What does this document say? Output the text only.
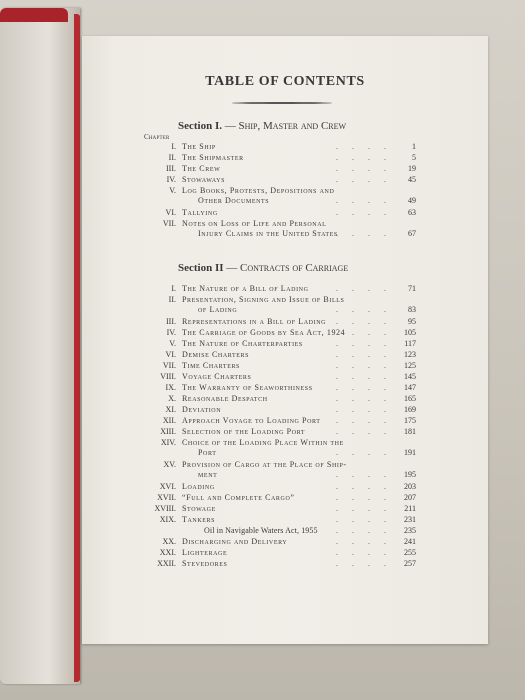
TABLE OF CONTENTS
Chapter
Section I. — Ship, Master and Crew
I. The Ship	. . . .	1
II. The Shipmaster	. . . .	5
III. The Crew	. . . . 19
IV. Stowaways	. . . . 45
V. Log Books, Protests, Depositions and
Other Documents	. . . . 49
VI. Tallying	. . . . 63
VII. Notes on Loss of Life and Personal
Injury Claims in the United States
. . . . 67
Section II — Contracts of Carriage
I. The Nature of a Bill of Lading	. . . . 71
II. Presentation, Signing and Issue of Bills
of Lading	. . . . 83
III. Representations in a Bill of Lading	. . . . 95
IV. The Carriage of Goods by Sea Act, 1924
. . . . 105
V. The Nature of Charterparties	. . . . 117
VI. Demise Charters	. . . . 123
VII. Time Charters	. . . . 125
VIII. Voyage Charters	. . . . 145
IX. The Warranty of Seaworthiness	. . . . 147
X. Reasonable Despatch	. . . . 165
XI. Deviation	. . . . 169
XII. Approach Voyage to Loading Port	. . . . 175
XIII. Selection of the Loading Port	. . . . 181
XIV. Choice of the Loading Place Within the
Port	. . . . 191
XV. Provision of Cargo at the Place of Ship-
ment	. . . . 195
XVI. Loading	. . . . 203
XVII. “Full and Complete Cargo”	. . . . 207
XVIII. Stowage	. . . . 211
XIX. Tankers	. . . . 231
Oil in Navigable Waters Act, 1955	. . . . 235
XX. Discharging and Delivery	. . . . 241
XXI. Lighterage	. . . . 255
XXII. Stevedores	. . . . 257
